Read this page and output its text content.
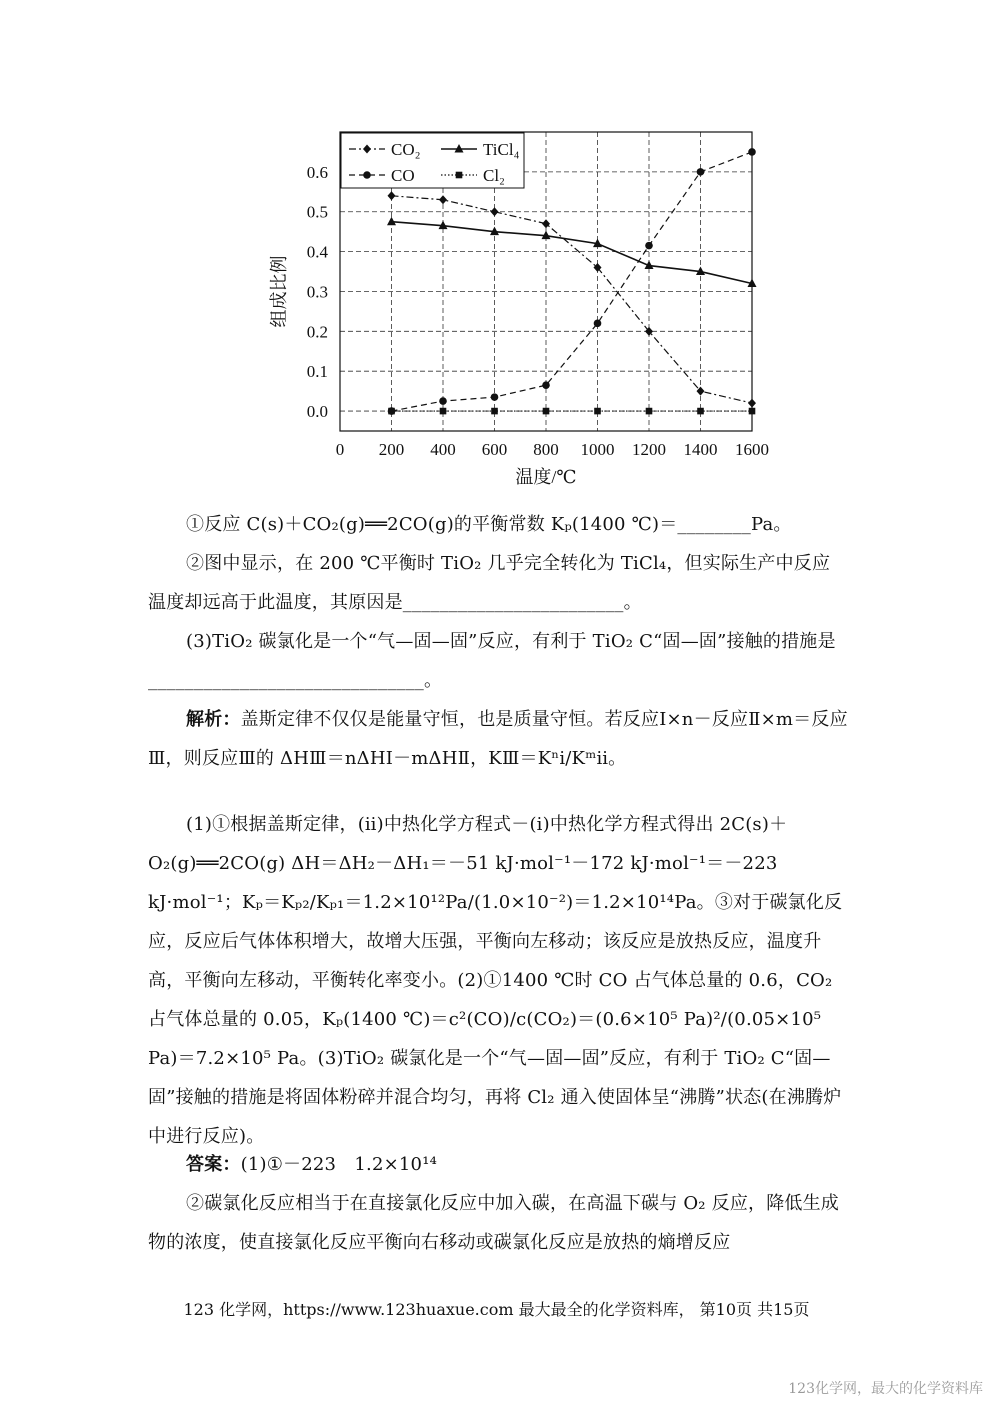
0.0
0.1
0.2
0.3
0.4
0.5
0.6
0 200 400 600 800 1000 1200 1400 1600
温度/℃
组成比例
CO₂	TiCl₄
CO	Cl₂
①反应 C(s)＋CO₂(g)══2CO(g)的平衡常数 Kₚ(1400 ℃)＝________Pa。
②图中显示，在 200 ℃平衡时 TiO₂ 几乎完全转化为 TiCl₄，但实际生产中反应温度却远高于此温度，其原因是________________________。
(3)TiO₂ 碳氯化是一个“气—固—固”反应，有利于 TiO₂ C“固—固”接触的措施是______________________________。
解析：盖斯定律不仅仅是能量守恒，也是质量守恒。若反应Ⅰ×n－反应Ⅱ×m＝反应Ⅲ，则反应Ⅲ的 ΔHⅢ＝nΔHⅠ－mΔHⅡ，KⅢ＝Kⁿⅰ/Kᵐⅱ。
(1)①根据盖斯定律，(ⅱ)中热化学方程式－(ⅰ)中热化学方程式得出 2C(s)＋O₂(g)══2CO(g) ΔH＝ΔH₂－ΔH₁＝－51 kJ·mol⁻¹－172 kJ·mol⁻¹＝－223 kJ·mol⁻¹；Kₚ＝Kₚ₂/Kₚ₁＝1.2×10¹²Pa/(1.0×10⁻²)＝1.2×10¹⁴Pa。③对于碳氯化反应，反应后气体体积增大，故增大压强，平衡向左移动；该反应是放热反应，温度升高，平衡向左移动，平衡转化率变小。(2)①1400 ℃时 CO 占气体总量的 0.6，CO₂ 占气体总量的 0.05，Kₚ(1400 ℃)＝c²(CO)/c(CO₂)＝(0.6×10⁵ Pa)²/(0.05×10⁵ Pa)＝7.2×10⁵ Pa。(3)TiO₂ 碳氯化是一个“气—固—固”反应，有利于 TiO₂ C“固—固”接触的措施是将固体粉碎并混合均匀，再将 Cl₂ 通入使固体呈“沸腾”状态(在沸腾炉中进行反应)。
答案：(1)①－223　1.2×10¹⁴
②碳氯化反应相当于在直接氯化反应中加入碳，在高温下碳与 O₂ 反应，降低生成物的浓度，使直接氯化反应平衡向右移动或碳氯化反应是放热的熵增反应
123 化学网，https://www.123huaxue.com 最大最全的化学资料库， 第10页 共15页
123化学网，最大的化学资料库
